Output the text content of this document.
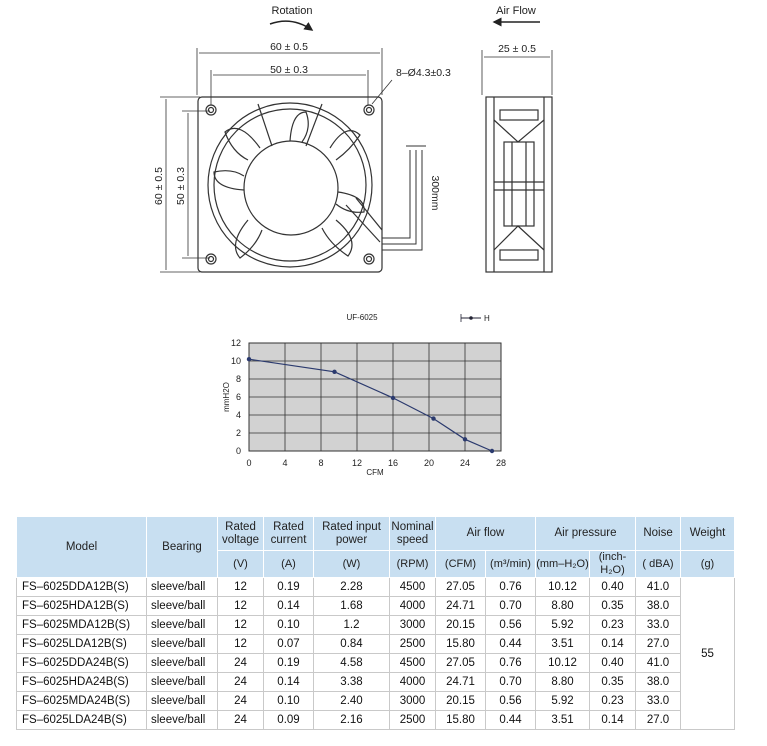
Rotation	Air Flow
60 ± 0.5
50 ± 0.3
60 ± 0.5 50 ± 0.3
8–Ø4.3±0.3
300mm
25 ± 0.5
UF-6025	H
0	4	8	12	16	20	24	28
0
2
4
6
8
10
12
CFM
mmH2O
Model	Bearing	Rated voltage	Rated current	Rated input power	Nominal speed	Air flow		Air pressure		Noise	Weight
		(V)	(A)	(W)	(RPM)	(CFM)	(m³/min)	(mm–H₂O)	(inch-H₂O)	( dBA)	(g)
FS–6025DDA12B(S)	sleeve/ball	12	0.19	2.28	4500	27.05	0.76	10.12	0.40	41.0	55
FS–6025HDA12B(S)	sleeve/ball	12	0.14	1.68	4000	24.71	0.70	8.80	0.35	38.0	
FS–6025MDA12B(S)	sleeve/ball	12	0.10	1.2	3000	20.15	0.56	5.92	0.23	33.0	
FS–6025LDA12B(S)	sleeve/ball	12	0.07	0.84	2500	15.80	0.44	3.51	0.14	27.0	
FS–6025DDA24B(S)	sleeve/ball	24	0.19	4.58	4500	27.05	0.76	10.12	0.40	41.0	
FS–6025HDA24B(S)	sleeve/ball	24	0.14	3.38	4000	24.71	0.70	8.80	0.35	38.0	
FS–6025MDA24B(S)	sleeve/ball	24	0.10	2.40	3000	20.15	0.56	5.92	0.23	33.0	
FS–6025LDA24B(S)	sleeve/ball	24	0.09	2.16	2500	15.80	0.44	3.51	0.14	27.0	
